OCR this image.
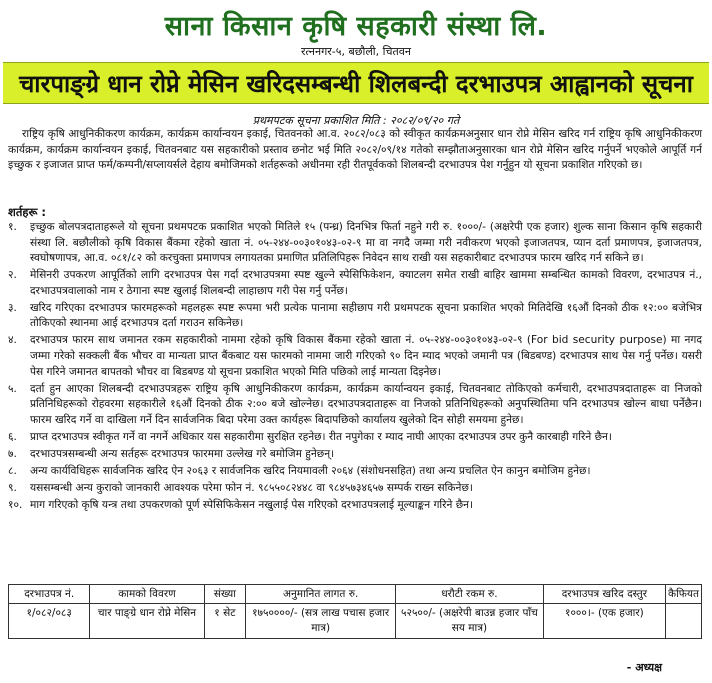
साना किसान कृषि सहकारी संस्था लि.
रत्ननगर-५, बछौली, चितवन
चारपाङ्ग्रे धान रोप्ने मेसिन खरिदसम्बन्धी शिलबन्दी दरभाउपत्र आह्वानको सूचना
प्रथमपटक सूचना प्रकाशित मिति : २०८२/०९/२० गते

राष्ट्रिय कृषि आधुनिकीकरण कार्यक्रम, कार्यक्रम कार्यान्वयन इकाई, चितवनको आ.व. २०८२/०८३ को स्वीकृत कार्यक्रमअनुसार धान रोप्ने मेसिन खरिद गर्न राष्ट्रिय कृषि आधुनिकीकरण कार्यक्रम, कार्यक्रम कार्यान्वयन इकाई, चितवनबाट यस सहकारीको प्रस्ताव छनोट भई मिति २०८२/०९/१४ गतेको सम्झौताअनुसारका धान रोप्ने मेसिन खरिद गर्नुपर्ने भएकोले आपूर्ति गर्न इच्छुक र इजाजत प्राप्त फर्म/कम्पनी/सप्लायर्सले देहाय बमोजिमको शर्तहरूको अधीनमा रही रीतपूर्वकको शिलबन्दी दरभाउपत्र पेश गर्नुहुन यो सूचना प्रकाशित गरिएको छ।

शर्तहरू :
१.	इच्छुक बोलपत्रदाताहरूले यो सूचना प्रथमपटक प्रकाशित भएको मितिले १५ (पन्ध्र) दिनभित्र फिर्ता नहुने गरी रु. १०००/- (अक्षरेपी एक हजार) शुल्क साना किसान कृषि सहकारी संस्था लि. बछौलीको कृषि विकास बैंकमा रहेको खाता नं. ०५-२४४-००३०१०४३-०२-९ मा वा नगदै जम्मा गरी नवीकरण भएको इजाजतपत्र, प्यान दर्ता प्रमाणपत्र, इजाजतपत्र, स्वघोषणापत्र, आ.व. ०८१/८२ को करचुक्ता प्रमाणपत्र लगायतका प्रमाणित प्रतिलिपिहरू निवेदन साथ राखी यस सहकारीबाट दरभाउपत्र फारम खरिद गर्न सकिने छ।
२.	मेसिनरी उपकरण आपूर्तिको लागि दरभाउपत्र पेस गर्दा दरभाउपत्रमा स्पष्ट खुल्ने स्पेसिफिकेशन, क्याटलग समेत राखी बाहिर खाममा सम्बन्धित कामको विवरण, दरभाउपत्र नं., दरभाउपत्रवालाको नाम र ठेगाना स्पष्ट खुलाई शिलबन्दी लाहाछाप गरी पेस गर्नु पर्नेछ।
३.	खरिद गरिएका दरभाउपत्र फारमहरूको महलहरू स्पष्ट रूपमा भरी प्रत्येक पानामा सहीछाप गरी प्रथमपटक सूचना प्रकाशित भएको मितिदेखि १६औं दिनको ठीक १२:०० बजेभित्र तोकिएको स्थानमा आई दरभाउपत्र दर्ता गराउन सकिनेछ।
४.	दरभाउपत्र फारम साथ जमानत रकम सहकारीको नाममा रहेको कृषि विकास बैंकमा रहेको खाता नं. ०५-२४४-००३०१०४३-०२-९ (For bid security purpose) मा नगद जम्मा गरेको सक्कली बैंक भौचर वा मान्यता प्राप्त बैंकबाट यस फारमको नाममा जारी गरिएको ९० दिन म्याद भएको जमानी पत्र (बिडबण्ड) दरभाउपत्र साथ पेस गर्नु पर्नेछ। यसरी पेस गरिने जमानत बापतको भौचर वा बिडबण्ड यो सूचना प्रकाशित भएको मिति पछिको लाई मान्यता दिइनेछ।
५.	दर्ता हुन आएका शिलबन्दी दरभाउपत्रहरू राष्ट्रिय कृषि आधुनिकीकरण कार्यक्रम, कार्यक्रम कार्यान्वयन इकाई, चितवनबाट तोकिएको कर्मचारी, दरभाउपत्रदाताहरू वा निजको प्रतिनिधिहरूको रोहवरमा सहकारीले १६औं दिनको ठीक २:०० बजे खोल्नेछ। दरभाउपत्रदाताहरू वा निजको प्रतिनिधिहरूको अनुपस्थितिमा पनि दरभाउपत्र खोल्न बाधा पर्नेछैन। फारम खरिद गर्ने वा दाखिला गर्ने दिन सार्वजनिक बिदा परेमा उक्त कार्यहरू बिदापछिको कार्यालय खुलेको दिन सोही समयमा हुनेछ।
६.	प्राप्त दरभाउपत्र स्वीकृत गर्ने वा नगर्ने अधिकार यस सहकारीमा सुरक्षित रहनेछ। रीत नपुगेका र म्याद नाघी आएका दरभाउपत्र उपर कुनै कारबाही गरिने छैन।
७.	दरभाउपत्रसम्बन्धी अन्य सर्तहरू दरभाउपत्र फारममा उल्लेख गरे बमोजिम हुनेछन्।
८.	अन्य कार्यविधिहरू सार्वजनिक खरिद ऐन २०६३ र सार्वजनिक खरिद नियमावली २०६४ (संशोधनसहित) तथा अन्य प्रचलित ऐन कानुन बमोजिम हुनेछ।
९.	यससम्बन्धी अन्य कुराको जानकारी आवश्यक परेमा फोन नं. ९८५५०८२४४८ वा ९८४५७३४६५७ सम्पर्क राख्न सकिनेछ।
१०. माग गरिएको कृषि यन्त्र तथा उपकरणको पूर्ण स्पेसिफिकेसन नखुलाई पेस गरिएको दरभाउपत्रलाई मूल्याङ्कन गरिने छैन।
दरभाउपत्र नं.	कामको विवरण	संख्या	अनुमानित लागत रु.	धरौटी रकम रु.	दरभाउपत्र खरिद दस्तुर	कैफियत
१/०८२/०८३	चार पाङ्ग्रे धान रोप्ने मेसिन	१ सेट	१७५००००/- (सत्र लाख पचास हजार मात्र)	५२५००/- (अक्षरेपी बाउन्न हजार पाँच सय मात्र)	१०००।- (एक हजार)	
- अध्यक्ष
